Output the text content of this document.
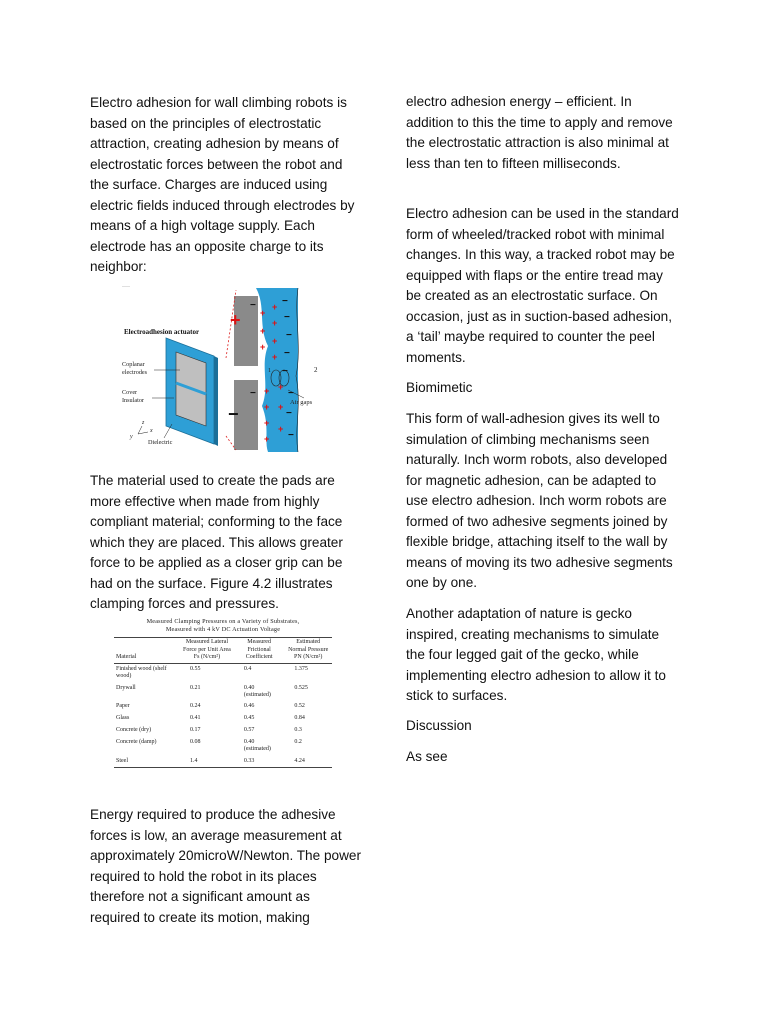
Electro adhesion for wall climbing robots is based on the principles of electrostatic attraction, creating adhesion by means of electrostatic forces between the robot and the surface. Charges are induced using electric fields induced through electrodes by means of a high voltage supply. Each electrode has an opposite charge to its neighbor:

+
−
+
+
+
+
+
+
+
+
+
+
+
+
+
+
−
−
−
−
−
−
−
−
−
−
1	2
Air gaps
Electroadhesion actuator
Coplanar
electrodes
Cover
Insulator
Dielectric
y
z
x

The material used to create the pads are more effective when made from highly compliant material; conforming to the face which they are placed. This allows greater force to be applied as a closer grip can be had on the surface. Figure 4.2 illustrates clamping forces and pressures.

Measured Clamping Pressures on a Variety of Substrates,
Measured with 4 kV DC Actuation Voltage
Material	Measured Lateral Force per Unit Area Fs (N/cm²)	Measured Frictional Coefficient	Estimated Normal Pressure PN (N/cm²)
Finished wood (shelf wood)	0.55	0.4	1.375
Drywall	0.21	0.40 (estimated)	0.525
Paper	0.24	0.46	0.52
Glass	0.41	0.45	0.84
Concrete (dry)	0.17	0.57	0.3
Concrete (damp)	0.08	0.40 (estimated)	0.2
Steel	1.4	0.33	4.24

Energy required to produce the adhesive forces is low, an average measurement at approximately 20microW/Newton. The power required to hold the robot in its places therefore not a significant amount as required to create its motion, making

electro adhesion energy – efficient. In addition to this the time to apply and remove the electrostatic attraction is also minimal at less than ten to fifteen milliseconds.

Electro adhesion can be used in the standard form of wheeled/tracked robot with minimal changes. In this way, a tracked robot may be equipped with flaps or the entire tread may be created as an electrostatic surface. On occasion, just as in suction-based adhesion, a ‘tail’ maybe required to counter the peel moments.

Biomimetic

This form of wall-adhesion gives its well to simulation of climbing mechanisms seen naturally. Inch worm robots, also developed for magnetic adhesion, can be adapted to use electro adhesion. Inch worm robots are formed of two adhesive segments joined by flexible bridge, attaching itself to the wall by means of moving its two adhesive segments one by one.

Another adaptation of nature is gecko inspired, creating mechanisms to simulate the four legged gait of the gecko, while implementing electro adhesion to allow it to stick to surfaces.

Discussion

As see
